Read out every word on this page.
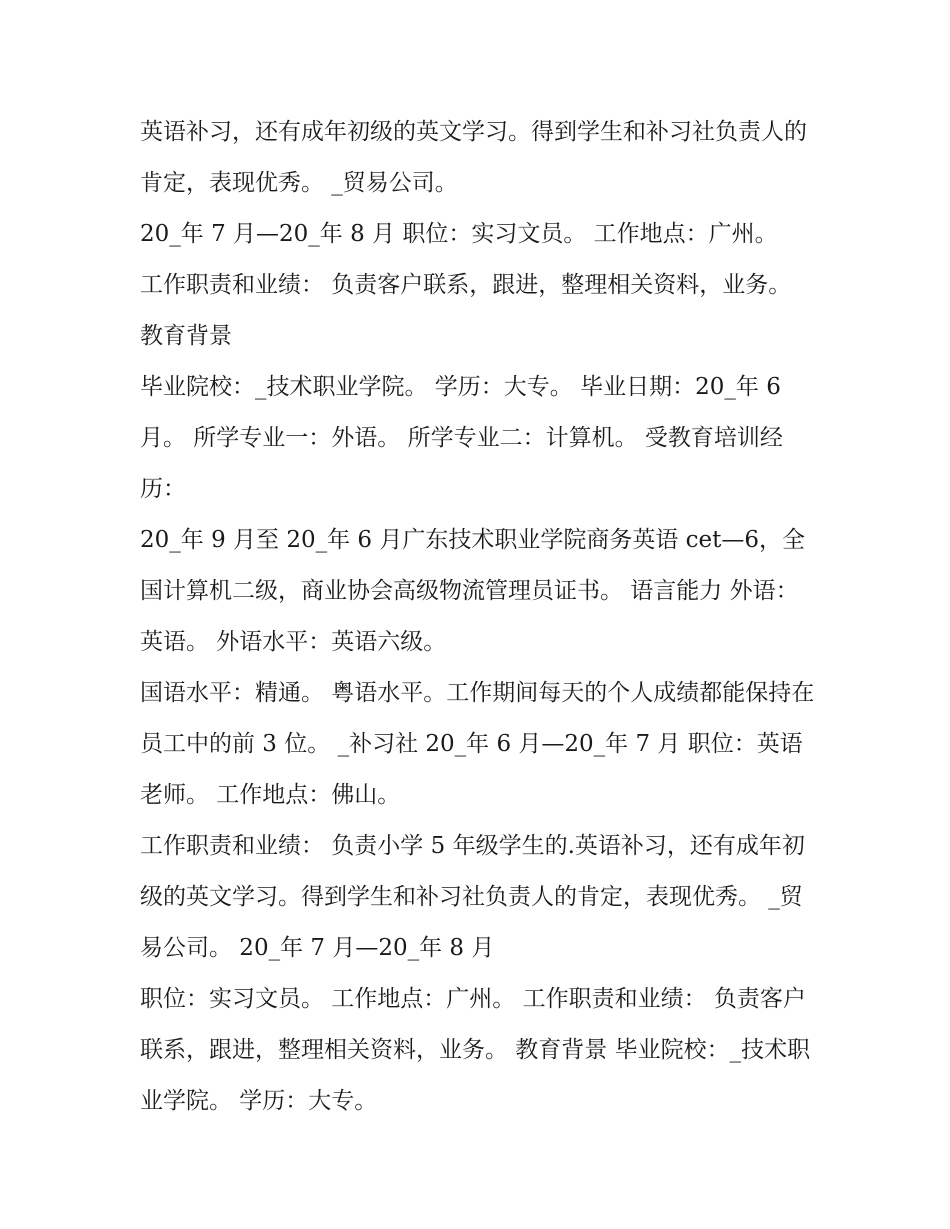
英语补习，还有成年初级的英文学习。得到学生和补习社负责人的肯定，表现优秀。 _贸易公司。

20_年 7 月—20_年 8 月 职位：实习文员。 工作地点：广州。

工作职责和业绩： 负责客户联系，跟进，整理相关资料，业务。 教育背景

毕业院校：_技术职业学院。 学历：大专。 毕业日期：20_年 6 月。 所学专业一：外语。 所学专业二：计算机。 受教育培训经历：

20_年 9 月至 20_年 6 月广东技术职业学院商务英语 cet—6，全国计算机二级，商业协会高级物流管理员证书。 语言能力 外语：英语。 外语水平：英语六级。

国语水平：精通。 粤语水平。工作期间每天的个人成绩都能保持在员工中的前 3 位。 _补习社 20_年 6 月—20_年 7 月 职位：英语老师。 工作地点：佛山。

工作职责和业绩： 负责小学 5 年级学生的.英语补习，还有成年初级的英文学习。得到学生和补习社负责人的肯定，表现优秀。 _贸易公司。 20_年 7 月—20_年 8 月

职位：实习文员。 工作地点：广州。 工作职责和业绩： 负责客户联系，跟进，整理相关资料，业务。 教育背景 毕业院校：_技术职业学院。 学历：大专。
